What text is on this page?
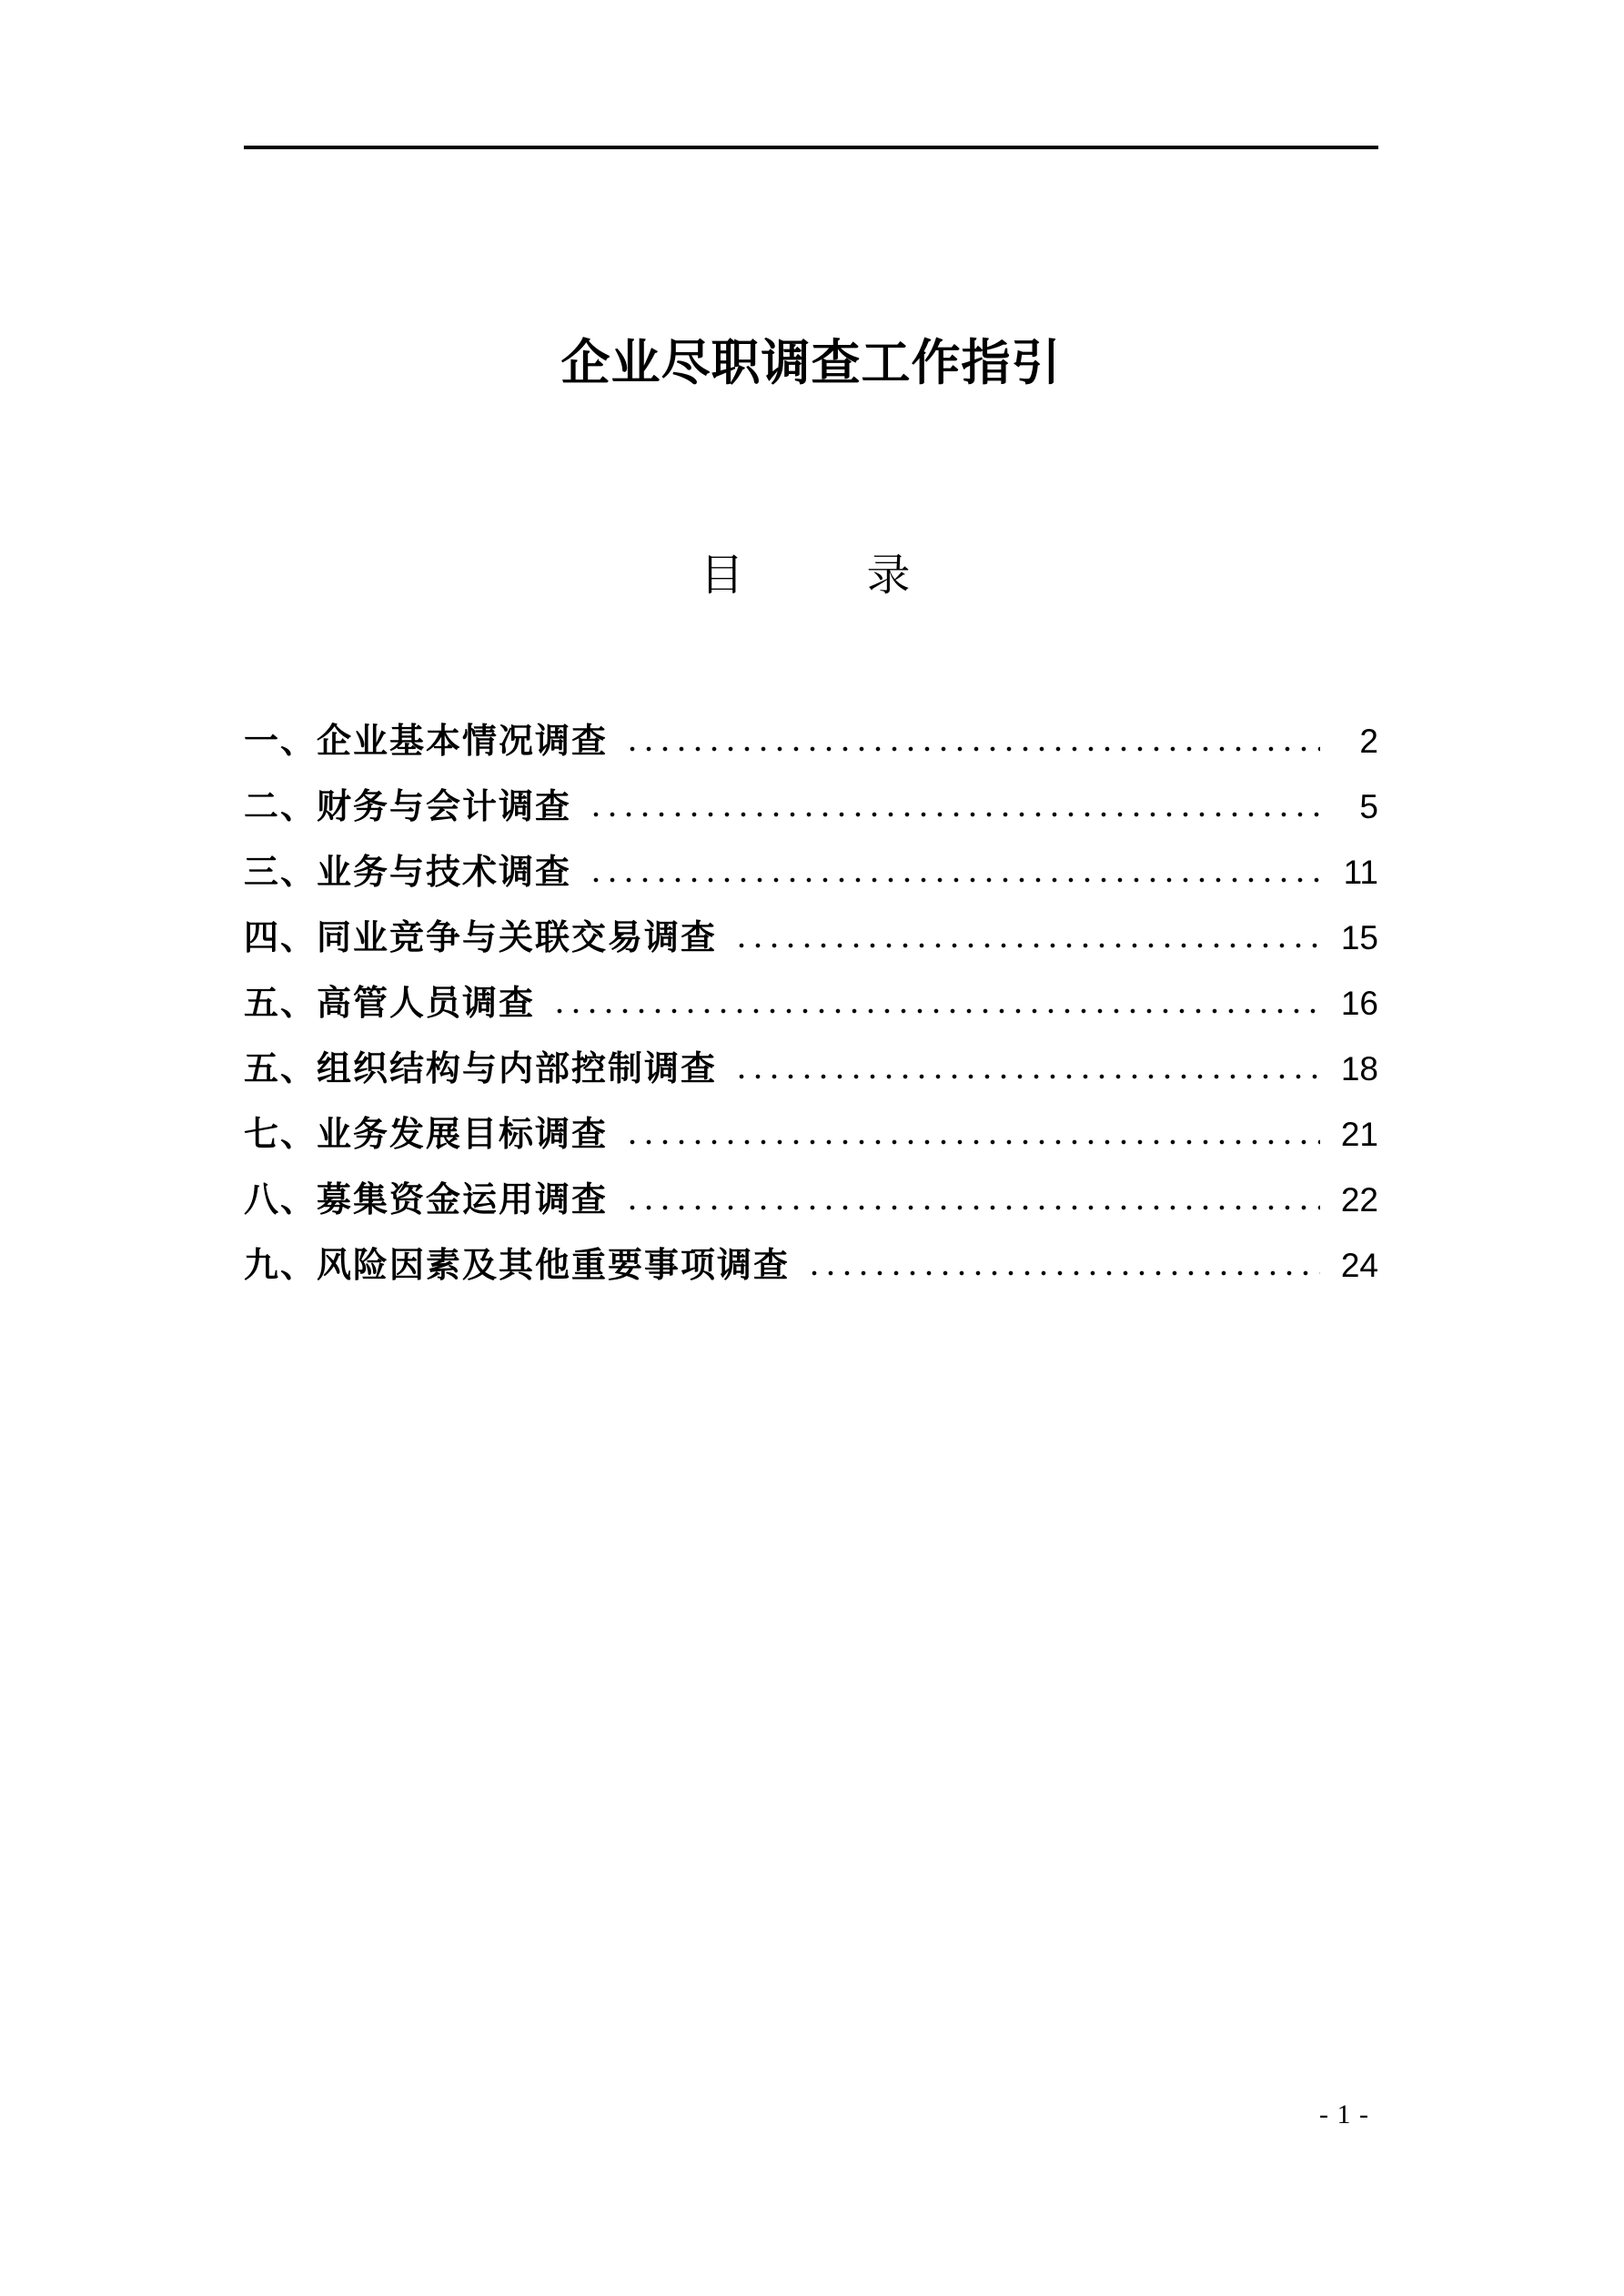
企业尽职调查工作指引
目　　录
一、企业基本情况调查	2
二、财务与会计调查	5
三、业务与技术调查	11
四、同业竞争与关联交易调查	15
五、高管人员调查	16
五、组织结构与内部控制调查	18
七、业务发展目标调查	21
八、募集资金运用调查	22
九、风险因素及其他重要事项调查	24
- 1 -
